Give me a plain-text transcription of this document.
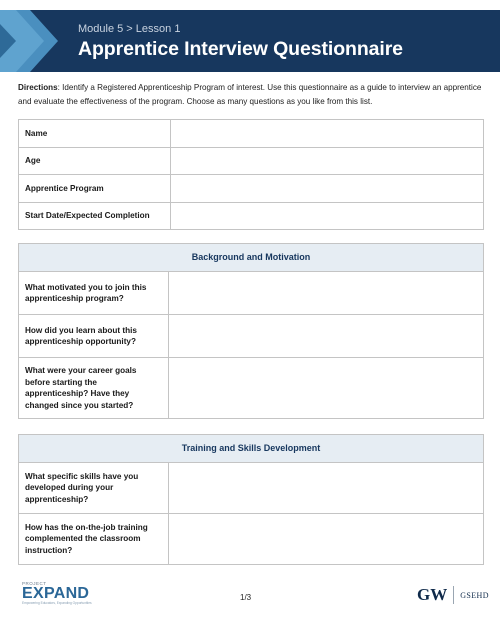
Module 5 > Lesson 1
Apprentice Interview Questionnaire
Directions: Identify a Registered Apprenticeship Program of interest. Use this questionnaire as a guide to interview an apprentice and evaluate the effectiveness of the program. Choose as many questions as you like from this list.
Name	
Age	
Apprentice Program	
Start Date/Expected Completion	
Background and Motivation	
What motivated you to join this apprenticeship program?	
How did you learn about this apprenticeship opportunity?	
What were your career goals before starting the apprenticeship? Have they changed since you started?	
Training and Skills Development	
What specific skills have you developed during your apprenticeship?	
How has the on-the-job training complemented the classroom instruction?	
PROJECT
EXPAND
Empowering Educators, Expanding Opportunities
1/3	GW GSEHD
